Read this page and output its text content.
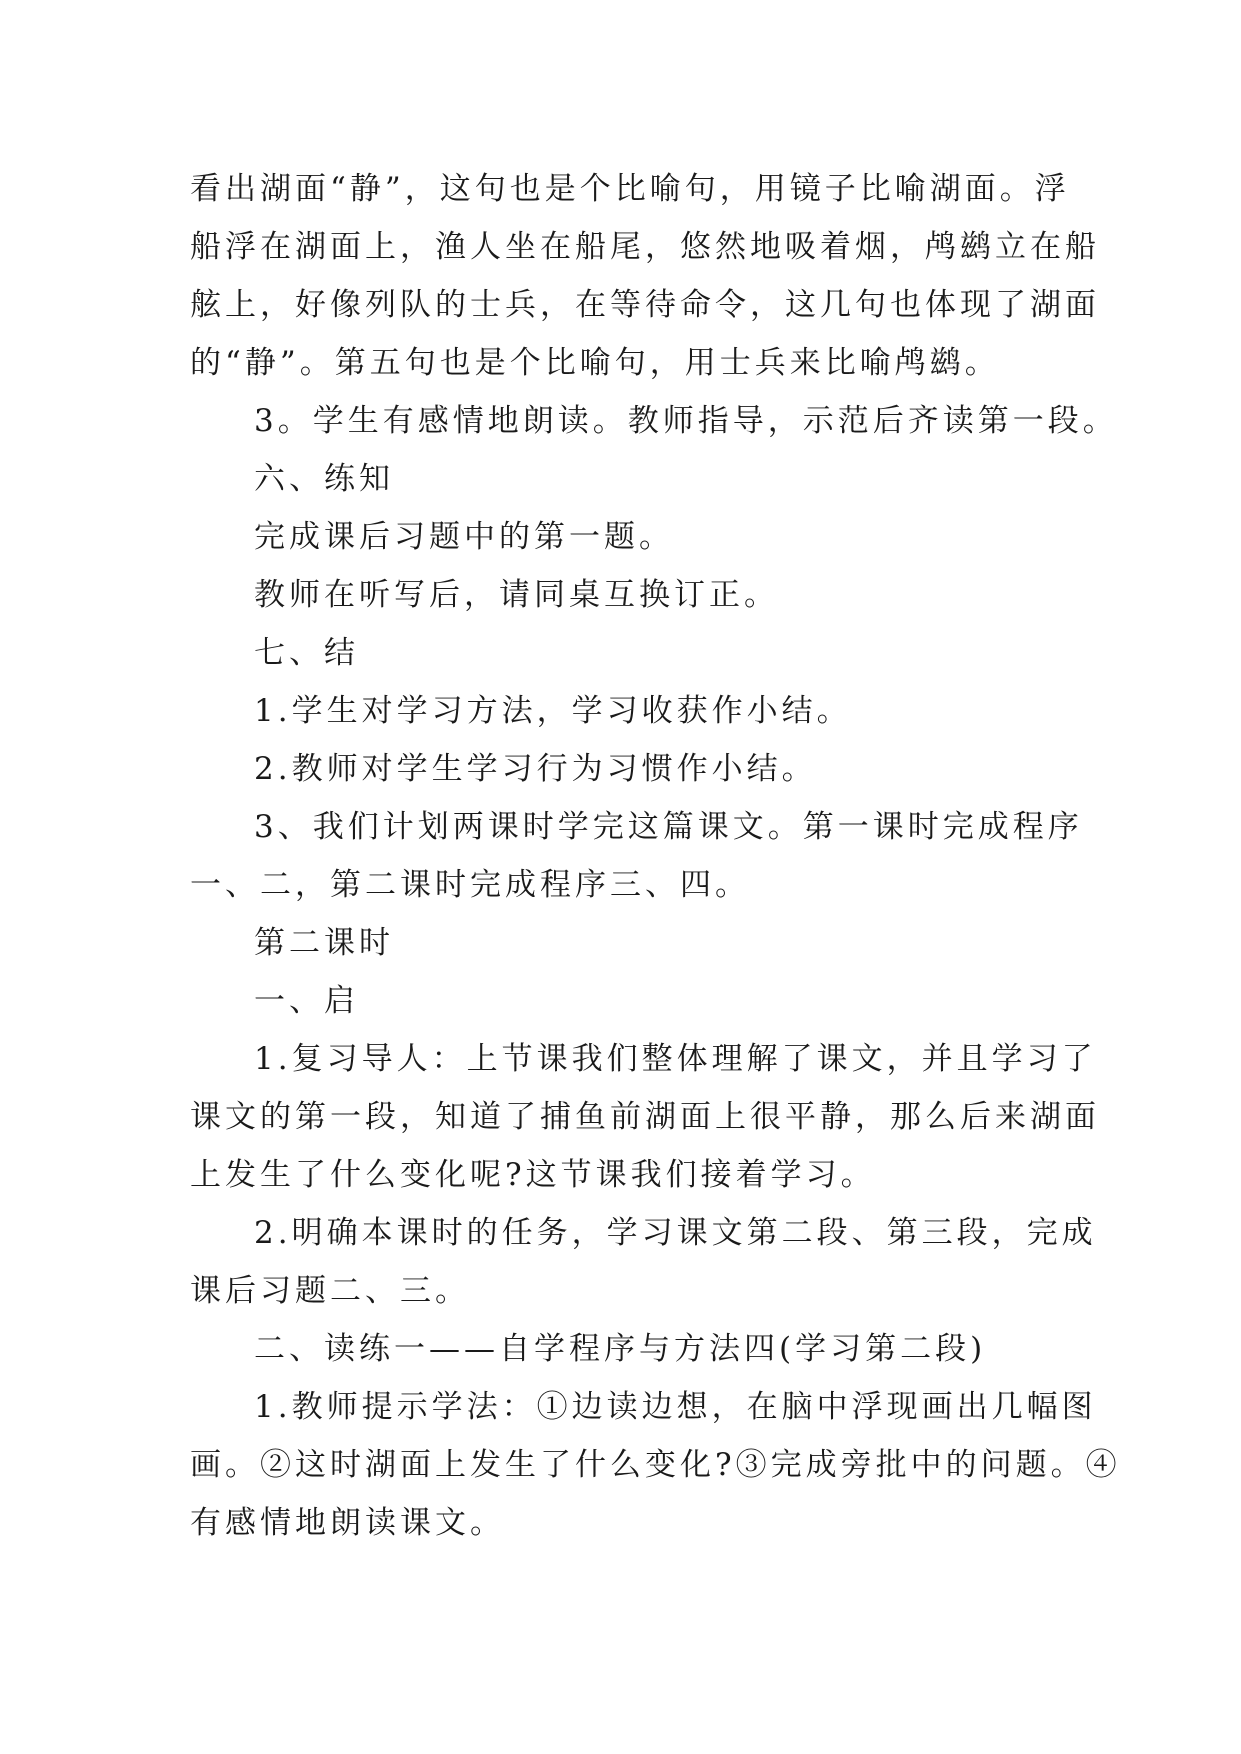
看出湖面“静”，这句也是个比喻句，用镜子比喻湖面。浮
船浮在湖面上，渔人坐在船尾，悠然地吸着烟，鸬鹚立在船
舷上，好像列队的士兵，在等待命令，这几句也体现了湖面
的“静”。第五句也是个比喻句，用士兵来比喻鸬鹚。
3。学生有感情地朗读。教师指导，示范后齐读第一段。
六、练知
完成课后习题中的第一题。
教师在听写后，请同桌互换订正。
七、结
1.学生对学习方法，学习收获作小结。
2.教师对学生学习行为习惯作小结。
3、我们计划两课时学完这篇课文。第一课时完成程序
一、二，第二课时完成程序三、四。
第二课时
一、启
1.复习导人：上节课我们整体理解了课文，并且学习了
课文的第一段，知道了捕鱼前湖面上很平静，那么后来湖面
上发生了什么变化呢?这节课我们接着学习。
2.明确本课时的任务，学习课文第二段、第三段，完成
课后习题二、三。
二、读练一——自学程序与方法四(学习第二段)
1.教师提示学法：①边读边想，在脑中浮现画出几幅图
画。②这时湖面上发生了什么变化?③完成旁批中的问题。④
有感情地朗读课文。
